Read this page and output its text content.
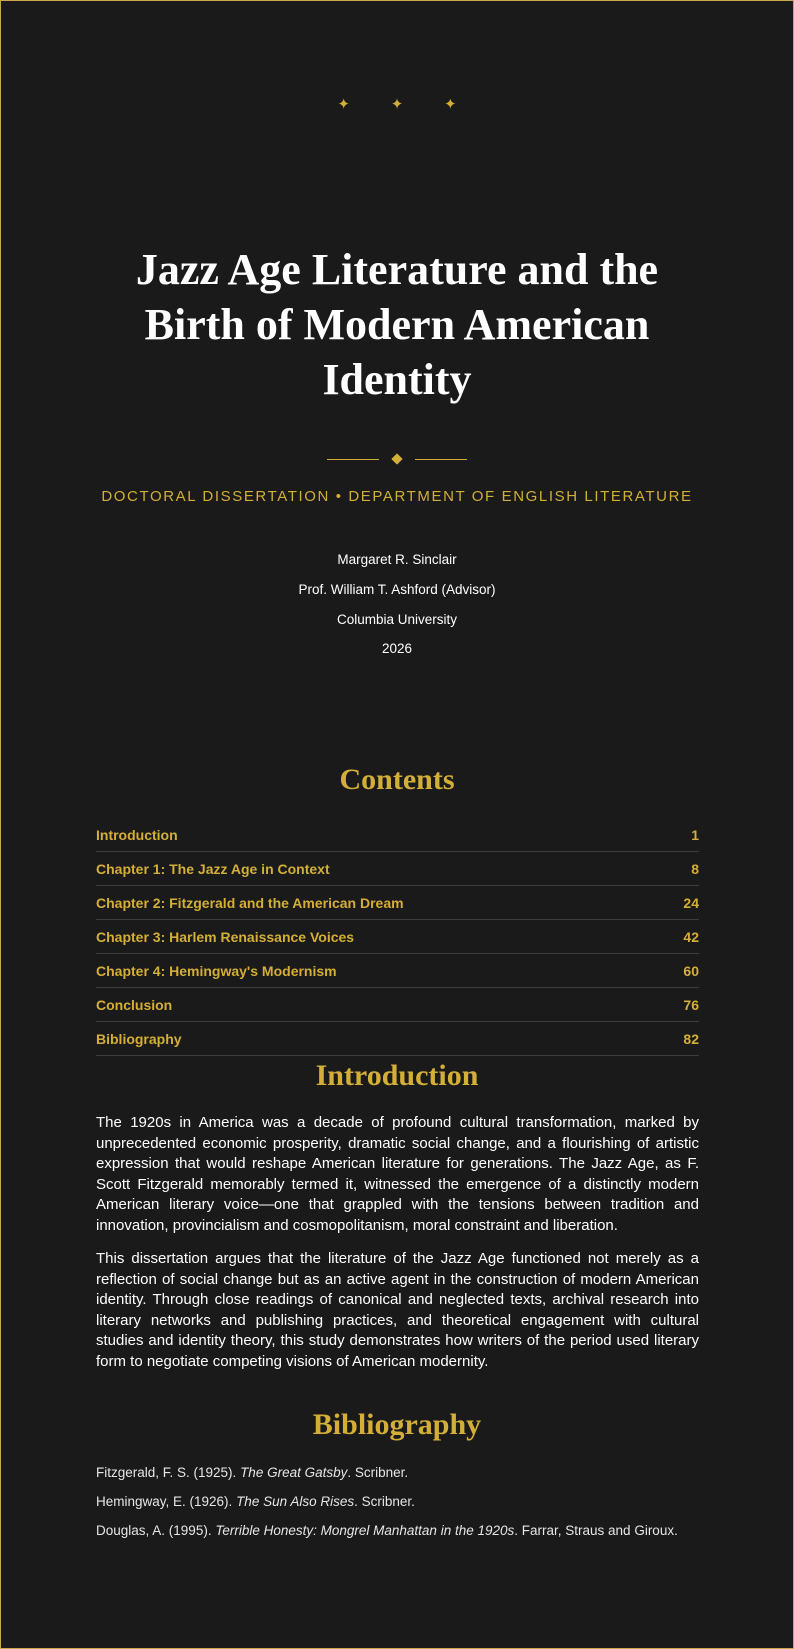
✦ ✦ ✦
Jazz Age Literature and the Birth of Modern American Identity
DOCTORAL DISSERTATION • DEPARTMENT OF ENGLISH LITERATURE
Margaret R. Sinclair
Prof. William T. Ashford (Advisor)
Columbia University
2026
Contents
Introduction	1
Chapter 1: The Jazz Age in Context	8
Chapter 2: Fitzgerald and the American Dream	24
Chapter 3: Harlem Renaissance Voices	42
Chapter 4: Hemingway's Modernism	60
Conclusion	76
Bibliography	82
Introduction

The 1920s in America was a decade of profound cultural transformation, marked by unprecedented economic prosperity, dramatic social change, and a flourishing of artistic expression that would reshape American literature for generations. The Jazz Age, as F. Scott Fitzgerald memorably termed it, witnessed the emergence of a distinctly modern American literary voice—one that grappled with the tensions between tradition and innovation, provincialism and cosmopolitanism, moral constraint and liberation.

This dissertation argues that the literature of the Jazz Age functioned not merely as a reflection of social change but as an active agent in the construction of modern American identity. Through close readings of canonical and neglected texts, archival research into literary networks and publishing practices, and theoretical engagement with cultural studies and identity theory, this study demonstrates how writers of the period used literary form to negotiate competing visions of American modernity.

Bibliography

Fitzgerald, F. S. (1925). The Great Gatsby. Scribner.

Hemingway, E. (1926). The Sun Also Rises. Scribner.

Douglas, A. (1995). Terrible Honesty: Mongrel Manhattan in the 1920s. Farrar, Straus and Giroux.
